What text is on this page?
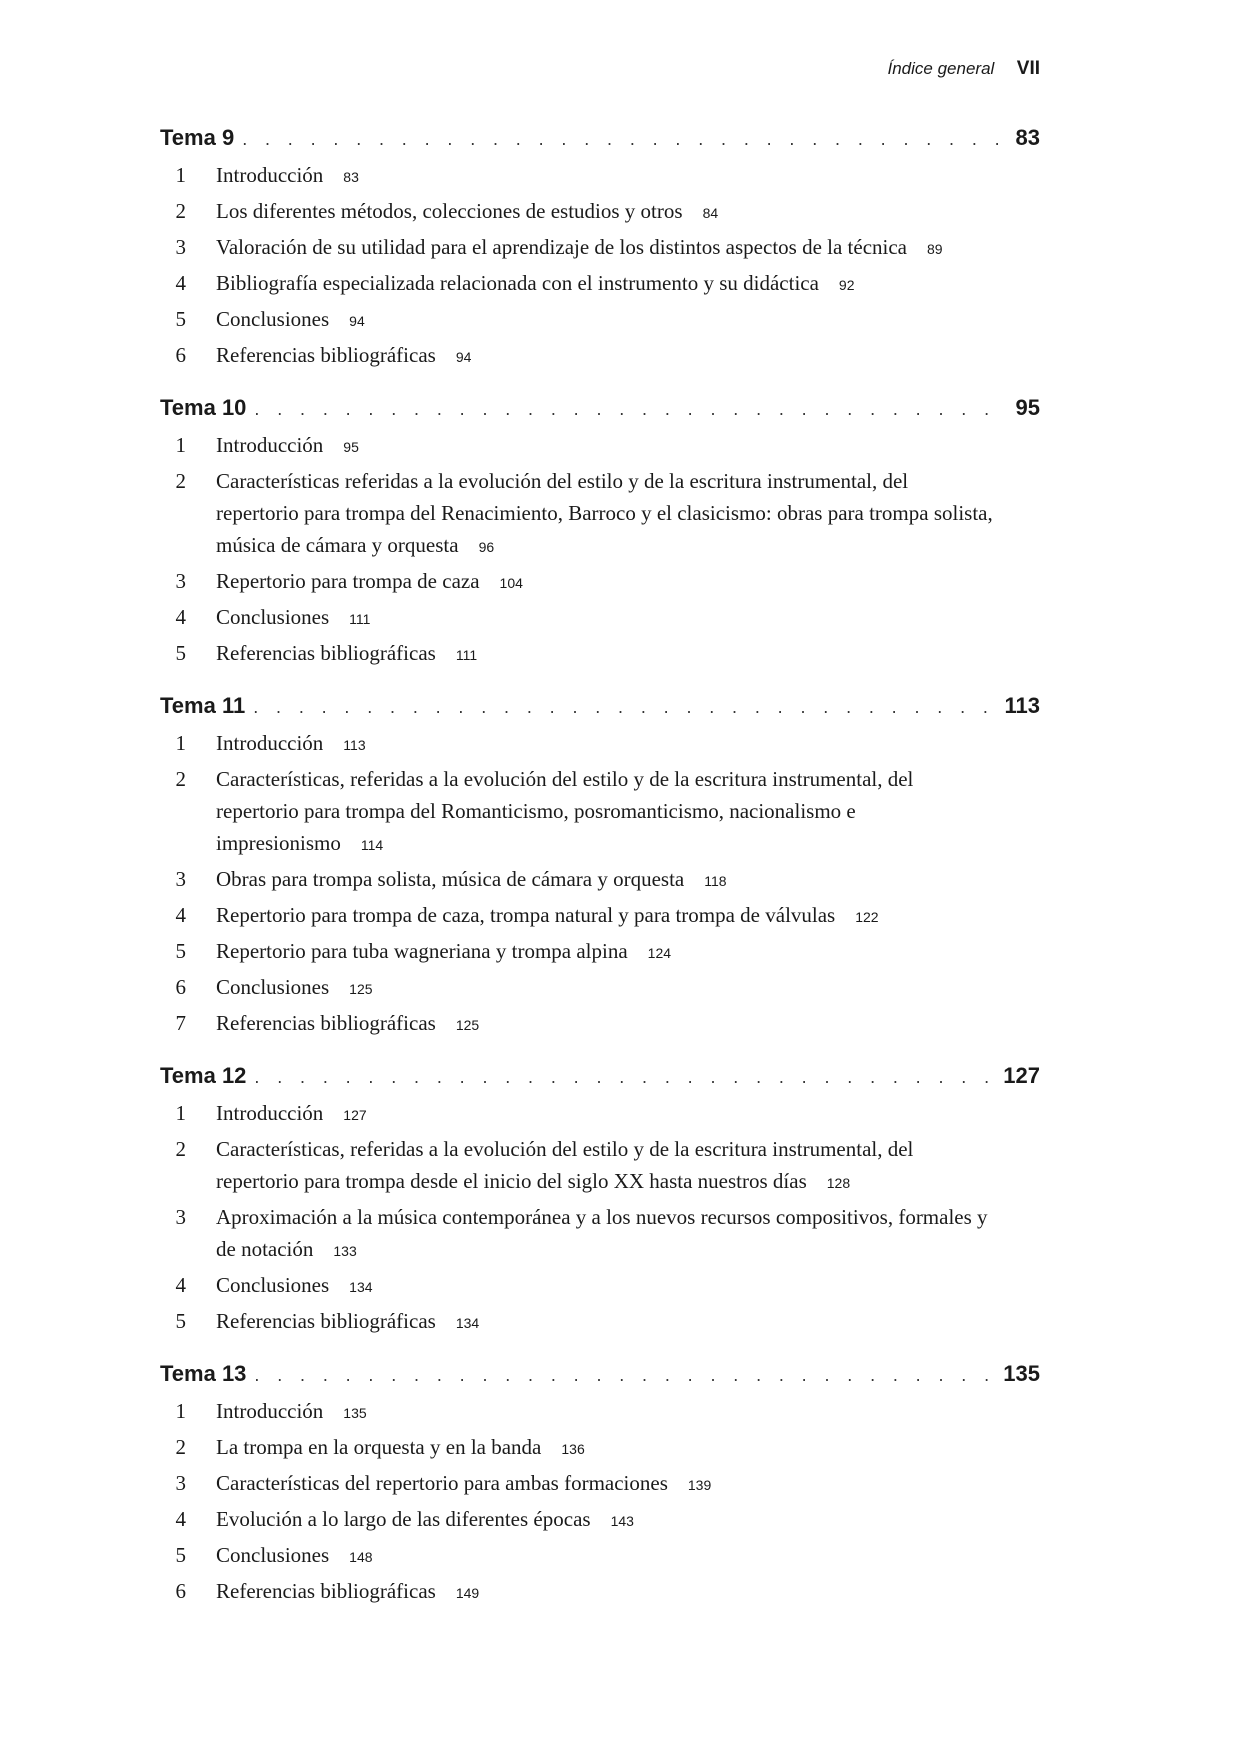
Índice general VII
Tema 9 . . .	83
1 Introducción 83
2 Los diferentes métodos, colecciones de estudios y otros 84
3 Valoración de su utilidad para el aprendizaje de los distintos aspectos de la técnica 89
4 Bibliografía especializada relacionada con el instrumento y su didáctica 92
5 Conclusiones 94
6 Referencias bibliográficas 94
Tema 10 . . .	95
1 Introducción 95
2 Características referidas a la evolución del estilo y de la escritura instrumental, del repertorio para trompa del Renacimiento, Barroco y el clasicismo: obras para trompa solista, música de cámara y orquesta 96
3 Repertorio para trompa de caza 104
4 Conclusiones 111
5 Referencias bibliográficas 111
Tema 11 . . .	113
1 Introducción 113
2 Características, referidas a la evolución del estilo y de la escritura instrumental, del repertorio para trompa del Romanticismo, posromanticismo, nacionalismo e impresionismo 114
3 Obras para trompa solista, música de cámara y orquesta 118
4 Repertorio para trompa de caza, trompa natural y para trompa de válvulas 122
5 Repertorio para tuba wagneriana y trompa alpina 124
6 Conclusiones 125
7 Referencias bibliográficas 125
Tema 12 . . .	127
1 Introducción 127
2 Características, referidas a la evolución del estilo y de la escritura instrumental, del repertorio para trompa desde el inicio del siglo XX hasta nuestros días 128
3 Aproximación a la música contemporánea y a los nuevos recursos compositivos, formales y de notación 133
4 Conclusiones 134
5 Referencias bibliográficas 134
Tema 13 . . .	135
1 Introducción 135
2 La trompa en la orquesta y en la banda 136
3 Características del repertorio para ambas formaciones 139
4 Evolución a lo largo de las diferentes épocas 143
5 Conclusiones 148
6 Referencias bibliográficas 149
